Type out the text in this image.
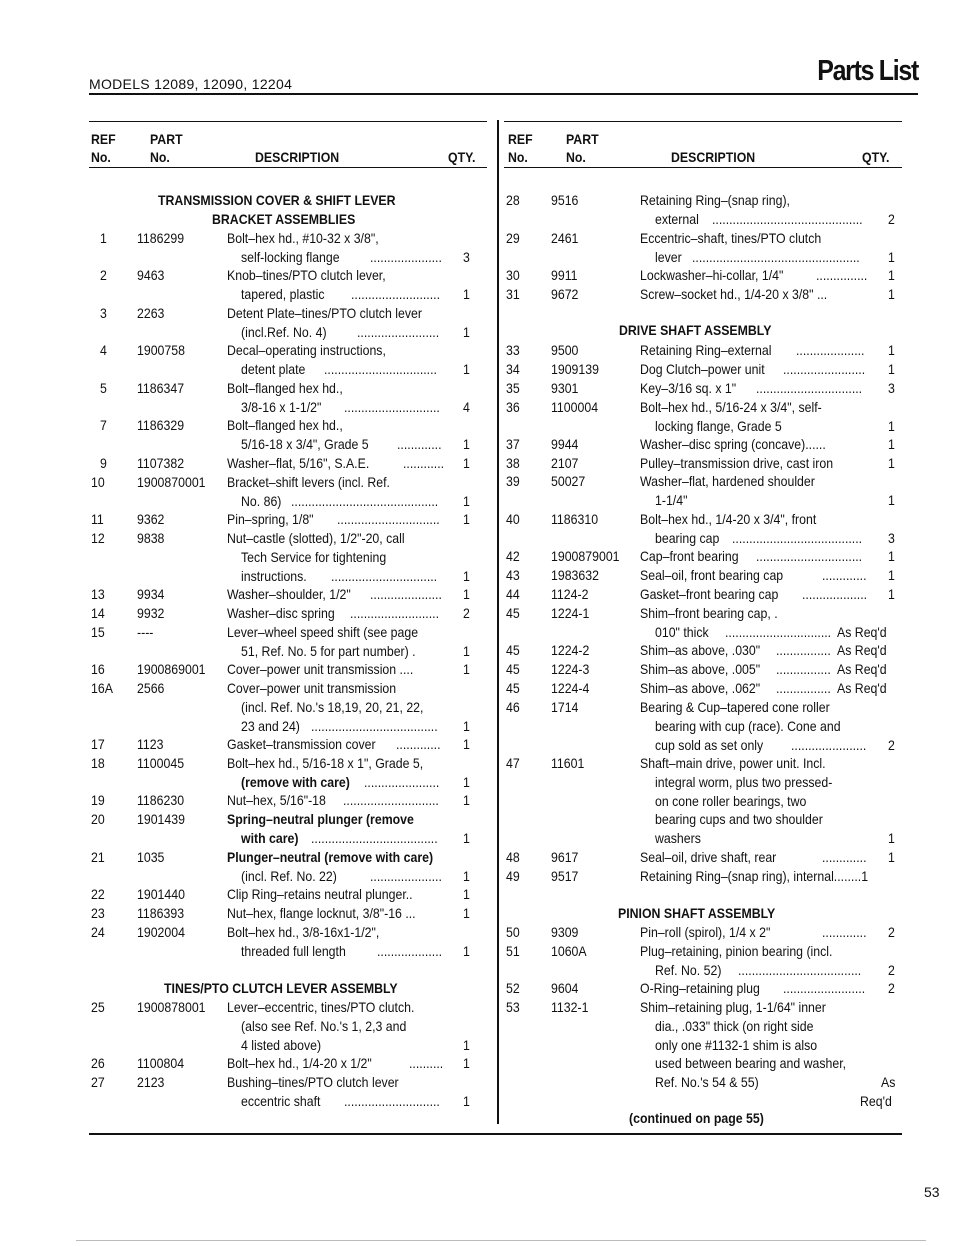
MODELS 12089, 12090, 12204	Parts List
REF
No.
PART
No.	DESCRIPTION	QTY.
REF
No.
PART
No.	DESCRIPTION	QTY.
TRANSMISSION COVER & SHIFT LEVER
BRACKET ASSEMBLIES
TINES/PTO CLUTCH LEVER ASSEMBLY
DRIVE SHAFT ASSEMBLY
PINION SHAFT ASSEMBLY
(continued on page 55)
1 1186299	Bolt–hex hd., #10-32 x 3/8",
self-locking flange ..................... 3
2 9463	Knob–tines/PTO clutch lever,
tapered, plastic .......................... 1
3 2263	Detent Plate–tines/PTO clutch lever
(incl.Ref. No. 4) ........................ 1
4 1900758	Decal–operating instructions,
detent plate ................................. 1
5 1186347	Bolt–flanged hex hd.,
3/8-16 x 1-1/2" ............................ 4
7 1186329	Bolt–flanged hex hd.,
5/16-18 x 3/4", Grade 5 ............. 1
9 1107382	Washer–flat, 5/16", S.A.E. ............ 1
10 1900870001 Bracket–shift levers (incl. Ref.
No. 86) ........................................... 1
11 9362	Pin–spring, 1/8" .............................. 1
12 9838	Nut–castle (slotted), 1/2"-20, call
Tech Service for tightening
instructions. ............................... 1
13 9934	Washer–shoulder, 1/2" ..................... 1
14 9932	Washer–disc spring .......................... 2
15 ----	Lever–wheel speed shift (see page
51, Ref. No. 5 for part number) .	1
16 1900869001 Cover–power unit transmission ....	1
16A 2566	Cover–power unit transmission
(incl. Ref. No.'s 18,19, 20, 21, 22,
23 and 24) ..................................... 1
17 1123	Gasket–transmission cover ............. 1
18 1100045	Bolt–hex hd., 5/16-18 x 1", Grade 5,
(remove with care) ...................... 1
19 1186230	Nut–hex, 5/16"-18 ............................ 1
20 1901439	Spring–neutral plunger (remove
with care) ..................................... 1
21 1035	Plunger–neutral (remove with care)
(incl. Ref. No. 22) ..................... 1
22 1901440	Clip Ring–retains neutral plunger..	1
23 1186393	Nut–hex, flange locknut, 3/8"-16 ...	1
24 1902004	Bolt–hex hd., 3/8-16x1-1/2",
threaded full length ................... 1
25 1900878001 Lever–eccentric, tines/PTO clutch.
(also see Ref. No.'s 1, 2,3 and
4 listed above)	1
26 1100804	Bolt–hex hd., 1/4-20 x 1/2"	.......... 1
27 2123	Bushing–tines/PTO clutch lever
eccentric shaft ............................ 1
28 9516	Retaining Ring–(snap ring),
external ............................................ 2
29 2461	Eccentric–shaft, tines/PTO clutch
lever ................................................. 1
30 9911	Lockwasher–hi-collar, 1/4" ............... 1
31 9672	Screw–socket hd., 1/4-20 x 3/8" ...	1
33 9500	Retaining Ring–external .................... 1
34 1909139	Dog Clutch–power unit ........................ 1
35 9301	Key–3/16 sq. x 1" ............................... 3
36 1100004	Bolt–hex hd., 5/16-24 x 3/4", self-
locking flange, Grade 5	1
37 9944	Washer–disc spring (concave)......	1
38 2107	Pulley–transmission drive, cast iron	1
39 50027	Washer–flat, hardened shoulder
1-1/4"	1
40 1186310	Bolt–hex hd., 1/4-20 x 3/4", front
bearing cap ...................................... 3
42 1900879001 Cap–front bearing ............................... 1
43 1983632	Seal–oil, front bearing cap	............. 1
44 1124-2	Gasket–front bearing cap ................... 1
45 1224-1	Shim–front bearing cap, .
010" thick ............................... As Req'd
45 1224-2	Shim–as above, .030" ................ As Req'd
45 1224-3	Shim–as above, .005" ................ As Req'd
45 1224-4	Shim–as above, .062" ................ As Req'd
46 1714	Bearing & Cup–tapered cone roller
bearing with cup (race). Cone and
cup sold as set only ...................... 2
47 11601	Shaft–main drive, power unit. Incl.
integral worm, plus two pressed-
on cone roller bearings, two
bearing cups and two shoulder
washers	1
48 9617	Seal–oil, drive shaft, rear	............. 1
49 9517	Retaining Ring–(snap ring), internal........1
50 9309	Pin–roll (spirol), 1/4 x 2"	............. 2
51 1060A	Plug–retaining, pinion bearing (incl.
Ref. No. 52) .................................... 2
52 9604	O-Ring–retaining plug ........................ 2
53 1132-1	Shim–retaining plug, 1-1/64" inner
dia., .033" thick (on right side
only one #1132-1 shim is also
used between bearing and washer,
Ref. No.'s 54 & 55)	As
Req'd
53
